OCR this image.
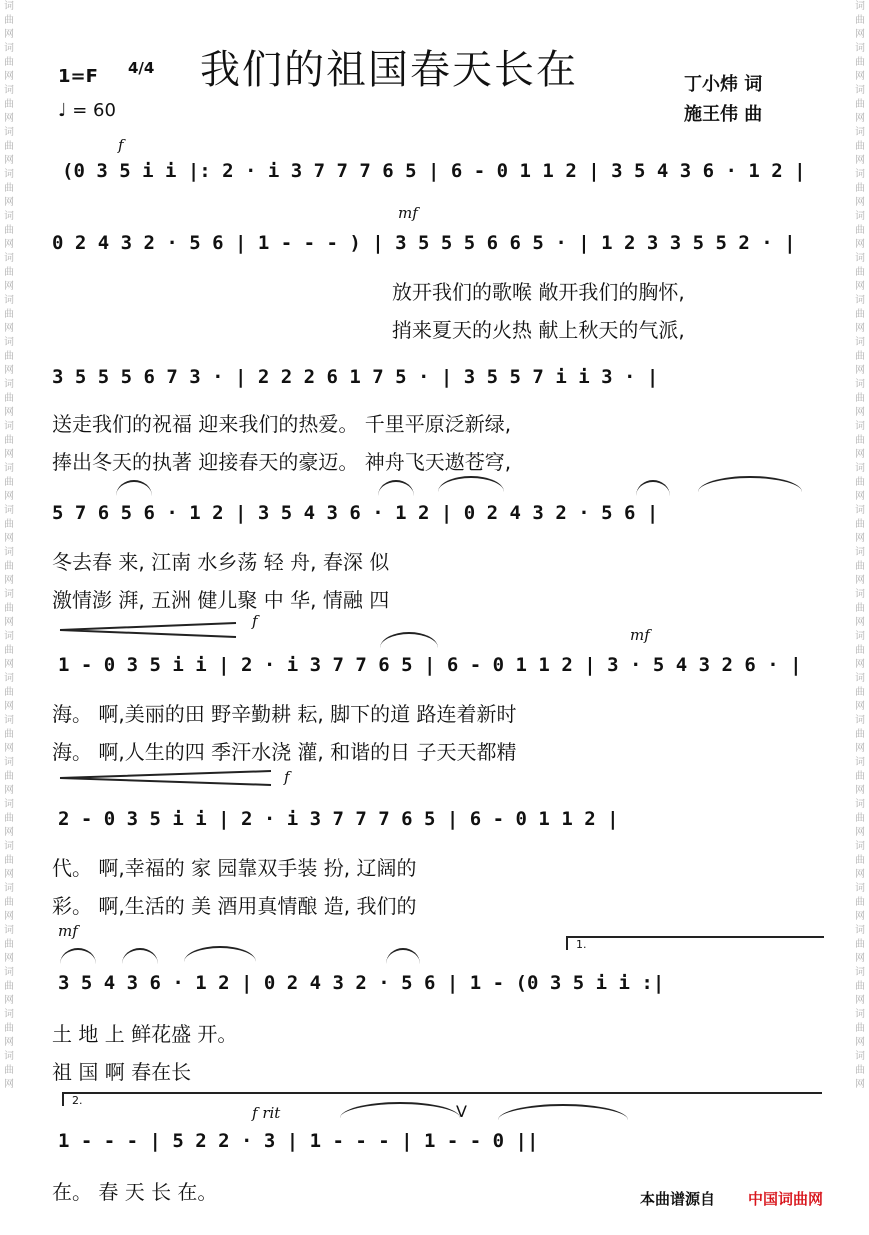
词曲网词曲网词曲网词曲网词曲网词曲网词曲网词曲网词曲网词曲网词曲网词曲网词曲网词曲网词曲网词曲网词曲网词曲网词曲网词曲网词曲网词曲网词曲网词曲网词曲网词曲网
词曲网词曲网词曲网词曲网词曲网词曲网词曲网词曲网词曲网词曲网词曲网词曲网词曲网词曲网词曲网词曲网词曲网词曲网词曲网词曲网词曲网词曲网词曲网词曲网词曲网词曲网
我们的祖国春天长在
1=F 4/4
♩ = 60
丁小炜 词
施王伟 曲
f
mf
f
mf
f
mf
f rit	V
1.
2.
(0 3 5 i i |: 2 · i 3 7 7 7 6 5 | 6 - 0 1 1 2 | 3 5 4 3 6 · 1 2 |
0 2 4 3 2 · 5 6 | 1 - - - ) | 3 5 5 5 6 6 5 · | 1 2 3 3 5 5 2 · |
放开我们的歌喉 敞开我们的胸怀,
捎来夏天的火热 献上秋天的气派,
3 5 5 5 6 7 3 · | 2 2 2 6 1 7 5 · | 3 5 5 7 i i 3 · |
送走我们的祝福 迎来我们的热爱。 千里平原泛新绿,
捧出冬天的执著 迎接春天的豪迈。 神舟飞天遨苍穹,
5 7 6 5 6 · 1 2 | 3 5 4 3 6 · 1 2 | 0 2 4 3 2 · 5 6 |
冬去春 来, 江南 水乡荡 轻 舟, 春深 似
激情澎 湃, 五洲 健儿聚 中 华, 情融 四
1 - 0 3 5 i i | 2 · i 3 7 7 6 5 | 6 - 0 1 1 2 | 3 · 5 4 3 2 6 · |
海。 啊,美丽的田 野辛勤耕 耘, 脚下的道 路连着新时
海。 啊,人生的四 季汗水浇 灌, 和谐的日 子天天都精
2 - 0 3 5 i i | 2 · i 3 7 7 7 6 5 | 6 - 0 1 1 2 |
代。 啊,幸福的 家 园靠双手装 扮, 辽阔的
彩。 啊,生活的 美 酒用真情酿 造, 我们的
3 5 4 3 6 · 1 2 | 0 2 4 3 2 · 5 6 | 1 - (0 3 5 i i :|
土 地 上 鲜花盛 开。
祖 国 啊 春在长
1 - - - | 5 2 2 · 3 | 1 - - - | 1 - - 0 ||
在。 春 天 长 在。	本曲谱源自 中国词曲网
